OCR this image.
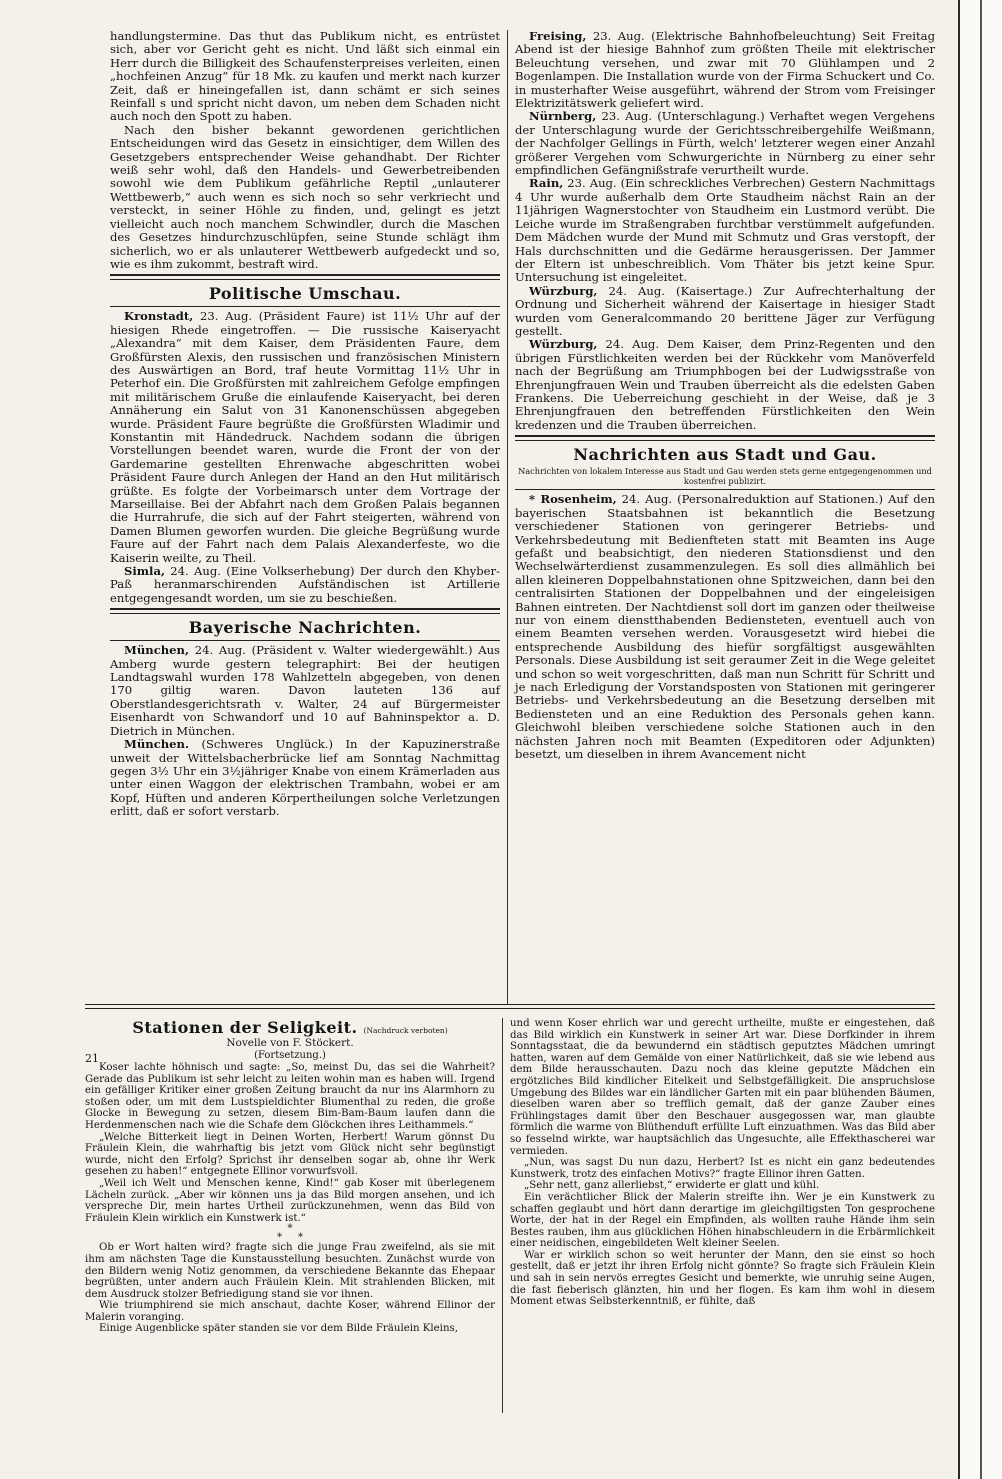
handlungstermine. Das thut das Publikum nicht, es entrüstet sich, aber vor Gericht geht es nicht. Und läßt sich einmal ein Herr durch die Billigkeit des Schaufensterpreises verleiten, einen „hochfeinen Anzug“ für 18 Mk. zu kaufen und merkt nach kurzer Zeit, daß er hineingefallen ist, dann schämt er sich seines Reinfall s und spricht nicht davon, um neben dem Schaden nicht auch noch den Spott zu haben.

Nach den bisher bekannt gewordenen gerichtlichen Entscheidungen wird das Gesetz in einsichtiger, dem Willen des Gesetzgebers entsprechender Weise gehandhabt. Der Richter weiß sehr wohl, daß den Handels- und Gewerbetreibenden sowohl wie dem Publikum gefährliche Reptil „unlauterer Wettbewerb,“ auch wenn es sich noch so sehr verkriecht und versteckt, in seiner Höhle zu finden, und, gelingt es jetzt vielleicht auch noch manchem Schwindler, durch die Maschen des Gesetzes hindurchzuschlüpfen, seine Stunde schlägt ihm sicherlich, wo er als unlauterer Wettbewerb aufgedeckt und so, wie es ihm zukommt, bestraft wird.

Politische Umschau.

Kronstadt, 23. Aug. (Präsident Faure) ist 11½ Uhr auf der hiesigen Rhede eingetroffen. — Die russische Kaiseryacht „Alexandra“ mit dem Kaiser, dem Präsidenten Faure, dem Großfürsten Alexis, den russischen und französischen Ministern des Auswärtigen an Bord, traf heute Vormittag 11½ Uhr in Peterhof ein. Die Großfürsten mit zahlreichem Gefolge empfingen mit militärischem Gruße die einlaufende Kaiseryacht, bei deren Annäherung ein Salut von 31 Kanonenschüssen abgegeben wurde. Präsident Faure begrüßte die Großfürsten Wladimir und Konstantin mit Händedruck. Nachdem sodann die übrigen Vorstellungen beendet waren, wurde die Front der von der Gardemarine gestellten Ehrenwache abgeschritten wobei Präsident Faure durch Anlegen der Hand an den Hut militärisch grüßte. Es folgte der Vorbeimarsch unter dem Vortrage der Marseillaise. Bei der Abfahrt nach dem Großen Palais begannen die Hurrahrufe, die sich auf der Fahrt steigerten, während von Damen Blumen geworfen wurden. Die gleiche Begrüßung wurde Faure auf der Fahrt nach dem Palais Alexanderfeste, wo die Kaiserin weilte, zu Theil.

Simla, 24. Aug. (Eine Volkserhebung) Der durch den Khyber-Paß heranmarschirenden Aufständischen ist Artillerie entgegengesandt worden, um sie zu beschießen.

Bayerische Nachrichten.

München, 24. Aug. (Präsident v. Walter wiedergewählt.) Aus Amberg wurde gestern telegraphirt: Bei der heutigen Landtagswahl wurden 178 Wahlzetteln abgegeben, von denen 170 giltig waren. Davon lauteten 136 auf Oberstlandesgerichtsrath v. Walter, 24 auf Bürgermeister Eisenhardt von Schwandorf und 10 auf Bahninspektor a. D. Dietrich in München.

München. (Schweres Unglück.) In der Kapuzinerstraße unweit der Wittelsbacherbrücke lief am Sonntag Nachmittag gegen 3½ Uhr ein 3½jähriger Knabe von einem Krämerladen aus unter einen Waggon der elektrischen Trambahn, wobei er am Kopf, Hüften und anderen Körpertheilungen solche Verletzungen erlitt, daß er sofort verstarb.

Freising, 23. Aug. (Elektrische Bahnhofbeleuchtung) Seit Freitag Abend ist der hiesige Bahnhof zum größten Theile mit elektrischer Beleuchtung versehen, und zwar mit 70 Glühlampen und 2 Bogenlampen. Die Installation wurde von der Firma Schuckert und Co. in musterhafter Weise ausgeführt, während der Strom vom Freisinger Elektrizitätswerk geliefert wird.

Nürnberg, 23. Aug. (Unterschlagung.) Verhaftet wegen Vergehens der Unterschlagung wurde der Gerichtsschreibergehilfe Weißmann, der Nachfolger Gellings in Fürth, welch' letzterer wegen einer Anzahl größerer Vergehen vom Schwurgerichte in Nürnberg zu einer sehr empfindlichen Gefängnißstrafe verurtheilt wurde.

Rain, 23. Aug. (Ein schreckliches Verbrechen) Gestern Nachmittags 4 Uhr wurde außerhalb dem Orte Staudheim nächst Rain an der 11jährigen Wagnerstochter von Staudheim ein Lustmord verübt. Die Leiche wurde im Straßengraben furchtbar verstümmelt aufgefunden. Dem Mädchen wurde der Mund mit Schmutz und Gras verstopft, der Hals durchschnitten und die Gedärme herausgerissen. Der Jammer der Eltern ist unbeschreiblich. Vom Thäter bis jetzt keine Spur. Untersuchung ist eingeleitet.

Würzburg, 24. Aug. (Kaisertage.) Zur Aufrechterhaltung der Ordnung und Sicherheit während der Kaisertage in hiesiger Stadt wurden vom Generalcommando 20 berittene Jäger zur Verfügung gestellt.

Würzburg, 24. Aug. Dem Kaiser, dem Prinz-Regenten und den übrigen Fürstlichkeiten werden bei der Rückkehr vom Manöverfeld nach der Begrüßung am Triumphbogen bei der Ludwigsstraße von Ehrenjungfrauen Wein und Trauben überreicht als die edelsten Gaben Frankens. Die Ueberreichung geschieht in der Weise, daß je 3 Ehrenjungfrauen den betreffenden Fürstlichkeiten den Wein kredenzen und die Trauben überreichen.

Nachrichten aus Stadt und Gau.
Nachrichten von lokalem Interesse aus Stadt und Gau werden stets gerne entgegengenommen und kostenfrei publizirt.

* Rosenheim, 24. Aug. (Personalreduktion auf Stationen.) Auf den bayerischen Staatsbahnen ist bekanntlich die Besetzung verschiedener Stationen von geringerer Betriebs- und Verkehrsbedeutung mit Bedienfteten statt mit Beamten ins Auge gefaßt und beabsichtigt, den niederen Stationsdienst und den Wechselwärterdienst zusammenzulegen. Es soll dies allmählich bei allen kleineren Doppelbahnstationen ohne Spitzweichen, dann bei den centralisirten Stationen der Doppelbahnen und der eingeleisigen Bahnen eintreten. Der Nachtdienst soll dort im ganzen oder theilweise nur von einem dienstthabenden Bediensteten, eventuell auch von einem Beamten versehen werden. Vorausgesetzt wird hiebei die entsprechende Ausbildung des hiefür sorgfältigst ausgewählten Personals. Diese Ausbildung ist seit geraumer Zeit in die Wege geleitet und schon so weit vorgeschritten, daß man nun Schritt für Schritt und je nach Erledigung der Vorstandsposten von Stationen mit geringerer Betriebs- und Verkehrsbedeutung an die Besetzung derselben mit Bediensteten und an eine Reduktion des Personals gehen kann. Gleichwohl bleiben verschiedene solche Stationen auch in den nächsten Jahren noch mit Beamten (Expeditoren oder Adjunkten) besetzt, um dieselben in ihrem Avancement nicht

Stationen der Seligkeit. (Nachdruck verboten)
Novelle von F. Stöckert.
21	(Fortsetzung.)

Koser lachte höhnisch und sagte: „So, meinst Du, das sei die Wahrheit? Gerade das Publikum ist sehr leicht zu leiten wohin man es haben will. Irgend ein gefälliger Kritiker einer großen Zeitung braucht da nur ins Alarmhorn zu stoßen oder, um mit dem Lustspieldichter Blumenthal zu reden, die große Glocke in Bewegung zu setzen, diesem Bim-Bam-Baum laufen dann die Herdenmenschen nach wie die Schafe dem Glöckchen ihres Leithammels.“

„Welche Bitterkeit liegt in Deinen Worten, Herbert! Warum gönnst Du Fräulein Klein, die wahrhaftig bis jetzt vom Glück nicht sehr begünstigt wurde, nicht den Erfolg? Sprichst ihr denselben sogar ab, ohne ihr Werk gesehen zu haben!“ entgegnete Ellinor vorwurfsvoll.

„Weil ich Welt und Menschen kenne, Kind!“ gab Koser mit überlegenem Lächeln zurück. „Aber wir können uns ja das Bild morgen ansehen, und ich verspreche Dir, mein hartes Urtheil zurückzunehmen, wenn das Bild von Fräulein Klein wirklich ein Kunstwerk ist.“

*
*     *

Ob er Wort halten wird? fragte sich die junge Frau zweifelnd, als sie mit ihm am nächsten Tage die Kunstausstellung besuchten. Zunächst wurde von den Bildern wenig Notiz genommen, da verschiedene Bekannte das Ehepaar begrüßten, unter andern auch Fräulein Klein. Mit strahlenden Blicken, mit dem Ausdruck stolzer Befriedigung stand sie vor ihnen.

Wie triumphirend sie mich anschaut, dachte Koser, während Ellinor der Malerin voranging.

Einige Augenblicke später standen sie vor dem Bilde Fräulein Kleins,

und wenn Koser ehrlich war und gerecht urtheilte, mußte er eingestehen, daß das Bild wirklich ein Kunstwerk in seiner Art war. Diese Dorfkinder in ihrem Sonntagsstaat, die da bewundernd ein städtisch geputztes Mädchen umringt hatten, waren auf dem Gemälde von einer Natürlichkeit, daß sie wie lebend aus dem Bilde herausschauten. Dazu noch das kleine geputzte Mädchen ein ergötzliches Bild kindlicher Eitelkeit und Selbstgefälligkeit. Die anspruchslose Umgebung des Bildes war ein ländlicher Garten mit ein paar blühenden Bäumen, dieselben waren aber so trefflich gemalt, daß der ganze Zauber eines Frühlingstages damit über den Beschauer ausgegossen war, man glaubte förmlich die warme von Blüthenduft erfüllte Luft einzuathmen. Was das Bild aber so fesselnd wirkte, war hauptsächlich das Ungesuchte, alle Effekthascherei war vermieden.

„Nun, was sagst Du nun dazu, Herbert? Ist es nicht ein ganz bedeutendes Kunstwerk, trotz des einfachen Motivs?“ fragte Ellinor ihren Gatten.

„Sehr nett, ganz allerliebst,“ erwiderte er glatt und kühl.

Ein verächtlicher Blick der Malerin streifte ihn. Wer je ein Kunstwerk zu schaffen geglaubt und hört dann derartige im gleichgiltigsten Ton gesprochene Worte, der hat in der Regel ein Empfinden, als wollten rauhe Hände ihm sein Bestes rauben, ihm aus glücklichen Höhen hinabschleudern in die Erbärmlichkeit einer neidischen, eingebildeten Welt kleiner Seelen.

War er wirklich schon so weit herunter der Mann, den sie einst so hoch gestellt, daß er jetzt ihr ihren Erfolg nicht gönnte? So fragte sich Fräulein Klein und sah in sein nervös erregtes Gesicht und bemerkte, wie unruhig seine Augen, die fast fieberisch glänzten, hin und her flogen. Es kam ihm wohl in diesem Moment etwas Selbsterkenntniß, er fühlte, daß
